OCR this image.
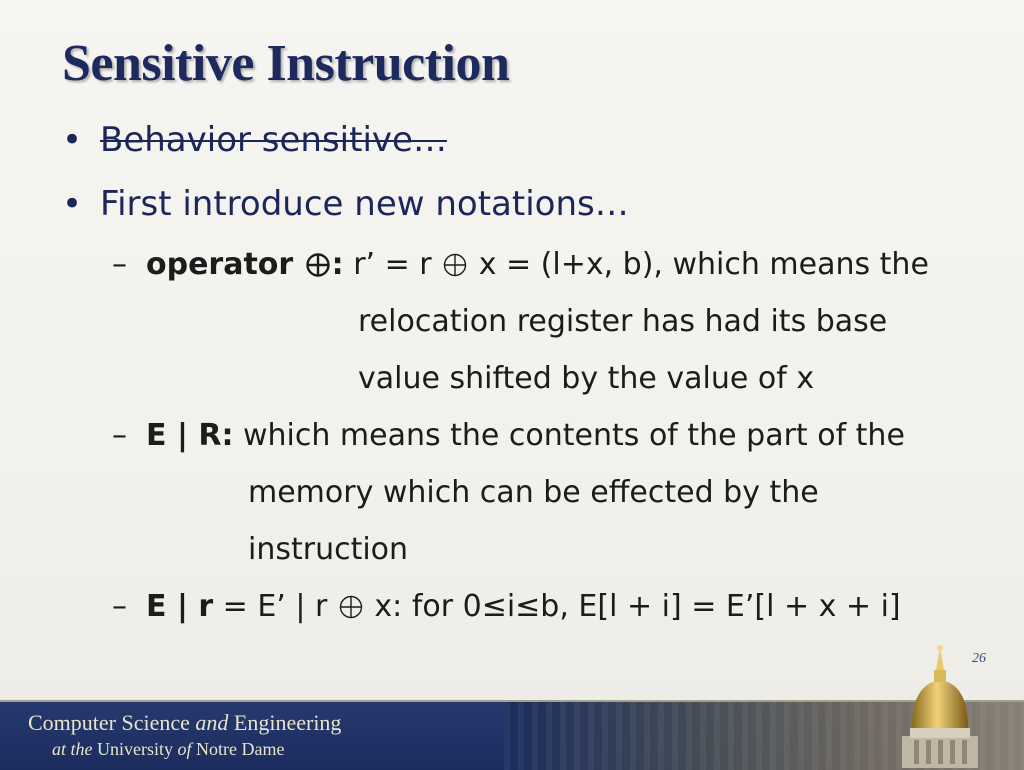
Sensitive Instruction
• Behavior sensitive…
• First introduce new notations…
– operator : r’ = r  x = (l+x, b), which means the
relocation register has had its base
value shifted by the value of x
– E | R: which means the contents of the part of the
memory which can be effected by the
instruction
– E | r = E’ | r  x: for 0≤i≤b, E[l + i] = E’[l + x + i]
26
Computer Science and Engineering
at the University of Notre Dame
